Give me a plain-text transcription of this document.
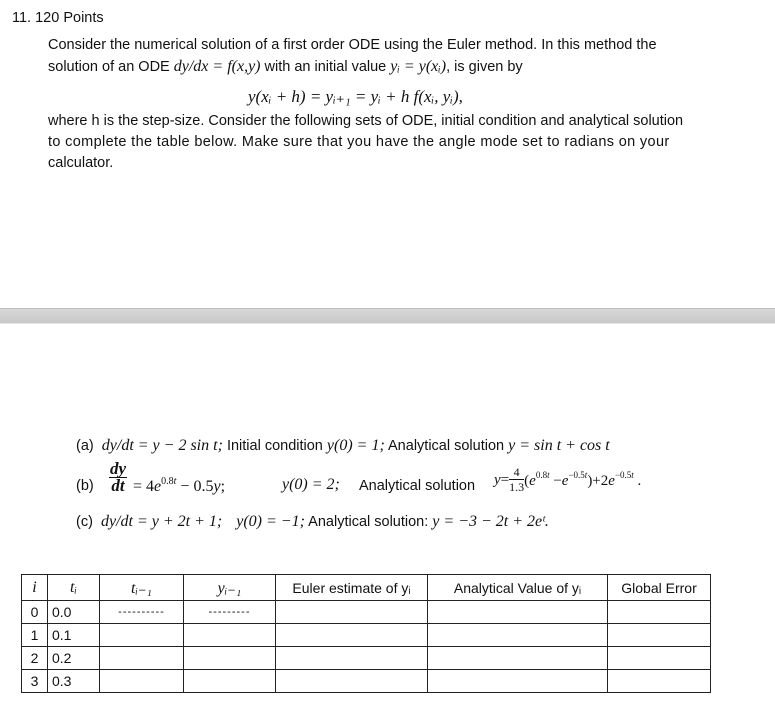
11. 120 Points
Consider the numerical solution of a first order ODE using the Euler method. In this method the
solution of an ODE dy/dx = f(x,y) with an initial value yᵢ = y(xᵢ), is given by
y(xᵢ + h) = yᵢ₊₁ = yᵢ + h f(xᵢ, yᵢ),
where h is the step-size. Consider the following sets of ODE, initial condition and analytical solution
to complete the table below. Make sure that you have the angle mode set to radians on your
calculator.
(a) dy/dt = y − 2 sin t; Initial condition y(0) = 1; Analytical solution y = sin t + cos t
$(b) \frac{dy}{dt} = 4e^{0.8t} - 0.5y$;	y(0) = 2; Analytical solution $y= \frac{4}{1.3} (e^{0.8t} -e^{-0.5t})+2e^{-0.5t}$ .
(c) dy/dt = y + 2t + 1; y(0) = −1; Analytical solution: y = −3 − 2t + 2eᵗ.
i	tᵢ	tᵢ₋₁	yᵢ₋₁	Euler estimate of yᵢ	Analytical Value of yᵢ	Global Error
0	0.0	----------	---------			
1	0.1					
2	0.2					
3	0.3					
